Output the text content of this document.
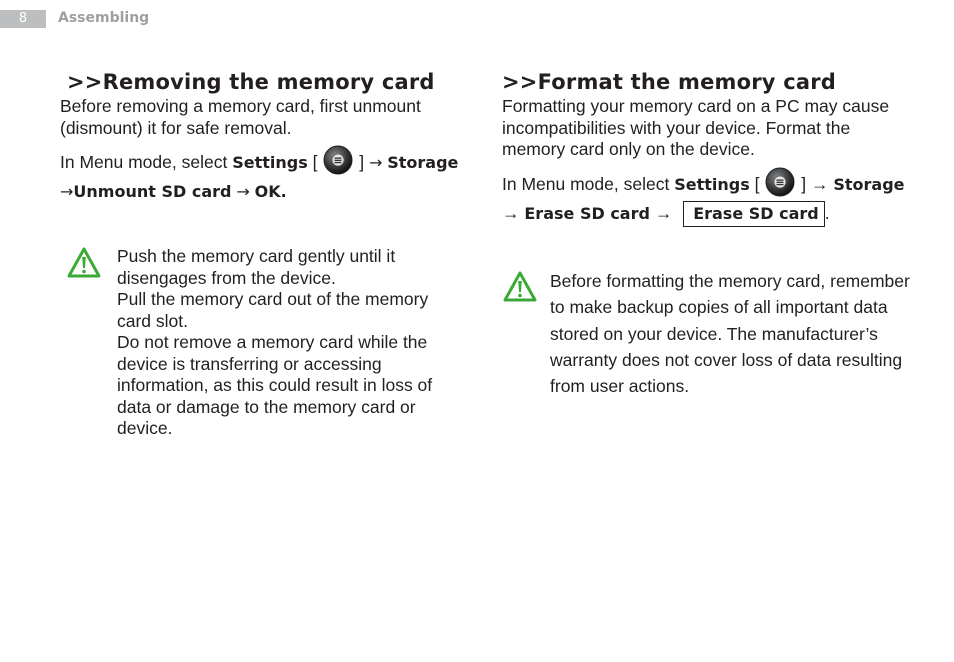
8	Assembling
>>Removing the memory card

Before removing a memory card, first unmount (dismount) it for safe removal.

In Menu mode, select Settings [ ] → Storage
→Unmount SD card → OK.

Push the memory card gently until it disengages from the device.
Pull the memory card out of the memory card slot.
Do not remove a memory card while the device is transferring or accessing information, as this could result in loss of data or damage to the memory card or device.
>>Format the memory card

Formatting your memory card on a PC may cause incompatibilities with your device. Format the memory card only on the device.

In Menu mode, select Settings [ ] → Storage
→ Erase SD card → Erase SD card .

Before formatting the memory card, remember to make backup copies of all important data stored on your device. The manufacturer’s warranty does not cover loss of data resulting from user actions.
